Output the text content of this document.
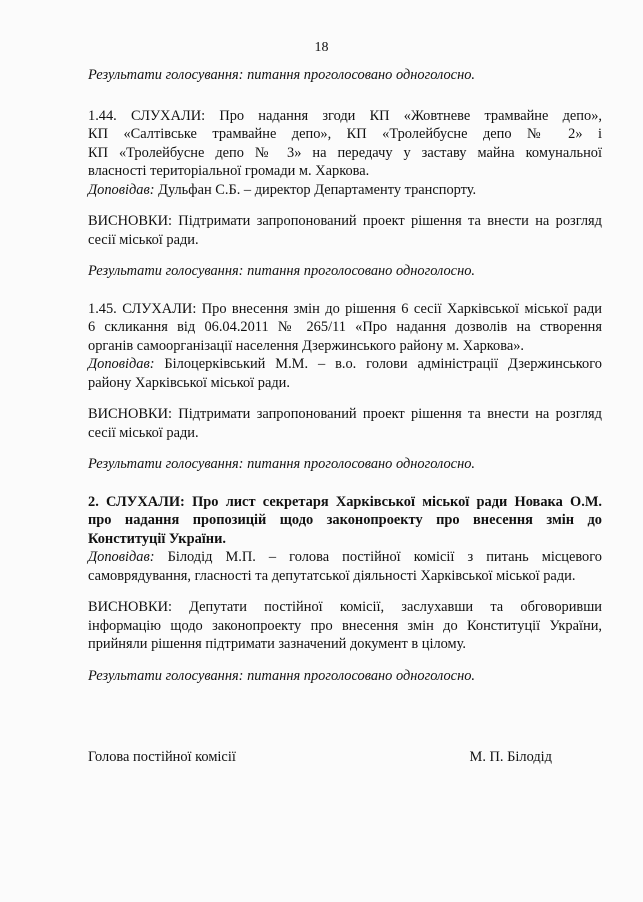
18

Результати голосування: питання проголосовано одноголосно.

1.44. СЛУХАЛИ: Про надання згоди КП «Жовтневе трамвайне депо»,
КП «Салтівське трамвайне депо», КП «Тролейбусне депо № 2» і
КП «Тролейбусне депо № 3» на передачу у заставу майна комунальної
власності територіальної громади м. Харкова.
Доповідав: Дульфан С.Б. – директор Департаменту транспорту.
ВИСНОВКИ: Підтримати запропонований проект рішення та внести на розгляд
сесії міської ради.

Результати голосування: питання проголосовано одноголосно.

1.45. СЛУХАЛИ: Про внесення змін до рішення 6 сесії Харківської міської ради
6 скликання від 06.04.2011 № 265/11 «Про надання дозволів на створення
органів самоорганізації населення Дзержинського району м. Харкова».
Доповідав: Білоцерківський М.М. – в.о. голови адміністрації Дзержинського
району Харківської міської ради.
ВИСНОВКИ: Підтримати запропонований проект рішення та внести на розгляд
сесії міської ради.

Результати голосування: питання проголосовано одноголосно.

2. СЛУХАЛИ: Про лист секретаря Харківської міської ради Новака О.М.
про надання пропозицій щодо законопроекту про внесення змін до
Конституції України.
Доповідав: Білодід М.П. – голова постійної комісії з питань місцевого
самоврядування, гласності та депутатської діяльності Харківської міської ради.
ВИСНОВКИ: Депутати постійної комісії, заслухавши та обговоривши
інформацію щодо законопроекту про внесення змін до Конституції України,
прийняли рішення підтримати зазначений документ в цілому.

Результати голосування: питання проголосовано одноголосно.

Голова постійної комісії	М. П. Білодід
